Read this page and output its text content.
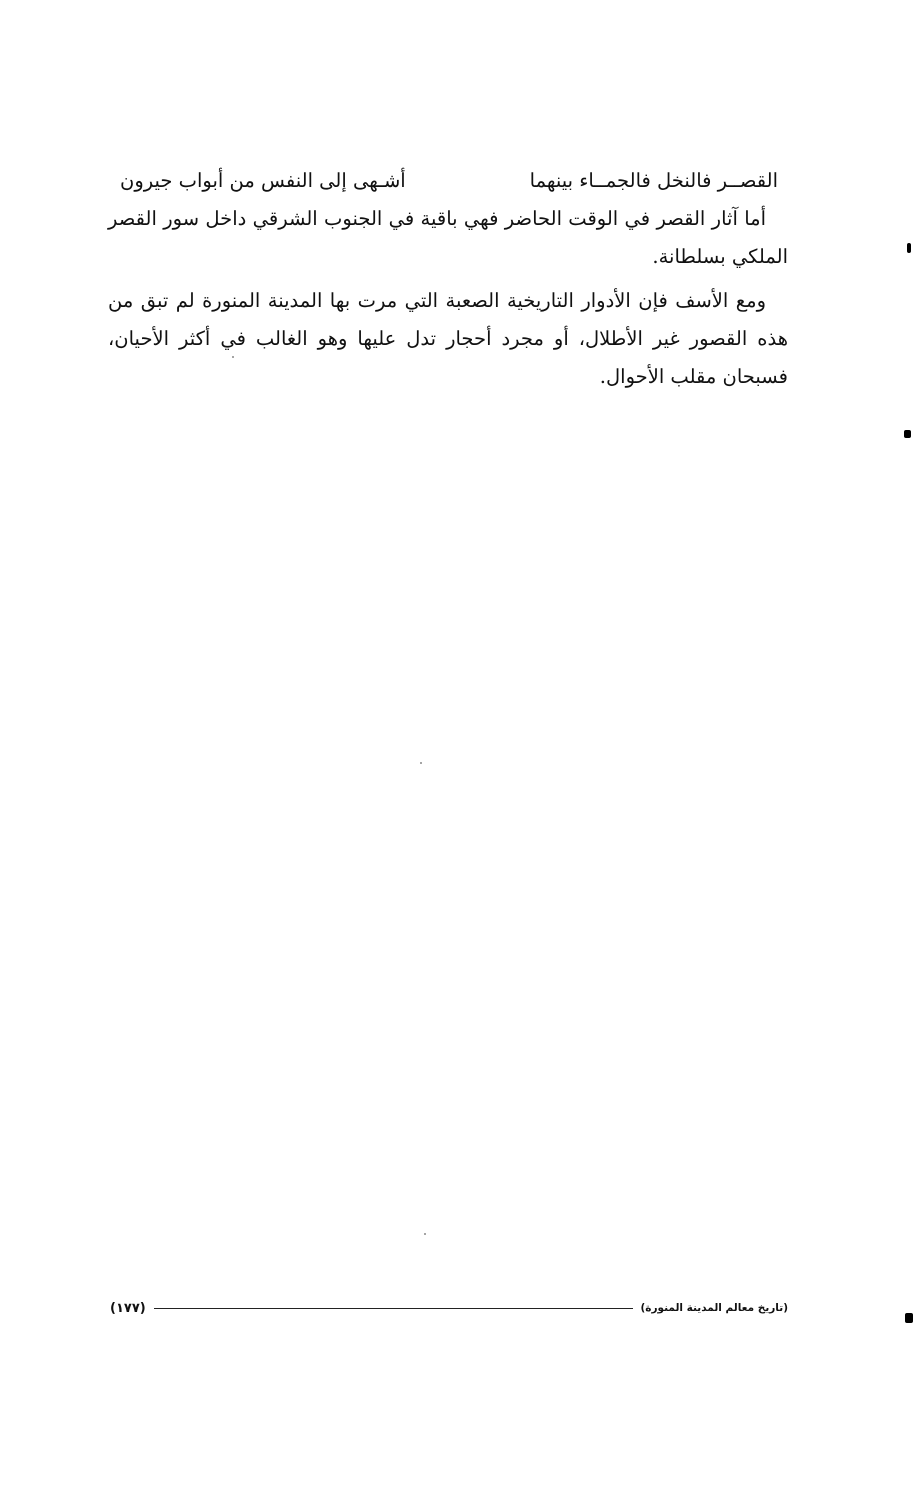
القصــر فالنخل فالجمــاء بينهما
أشـهى إلى النفس من أبواب جيرون

أما آثار القصر في الوقت الحاضر فهي باقية في الجنوب الشرقي داخل سور القصر الملكي بسلطانة.

ومع الأسف فإن الأدوار التاريخية الصعبة التي مرت بها المدينة المنورة لم تبق من هذه القصور غير الأطلال، أو مجرد أحجار تدل عليها وهو الغالب في أكثر الأحيان، فسبحان مقلب الأحوال.

(تاريخ معالم المدينة المنورة)
(١٧٧)
